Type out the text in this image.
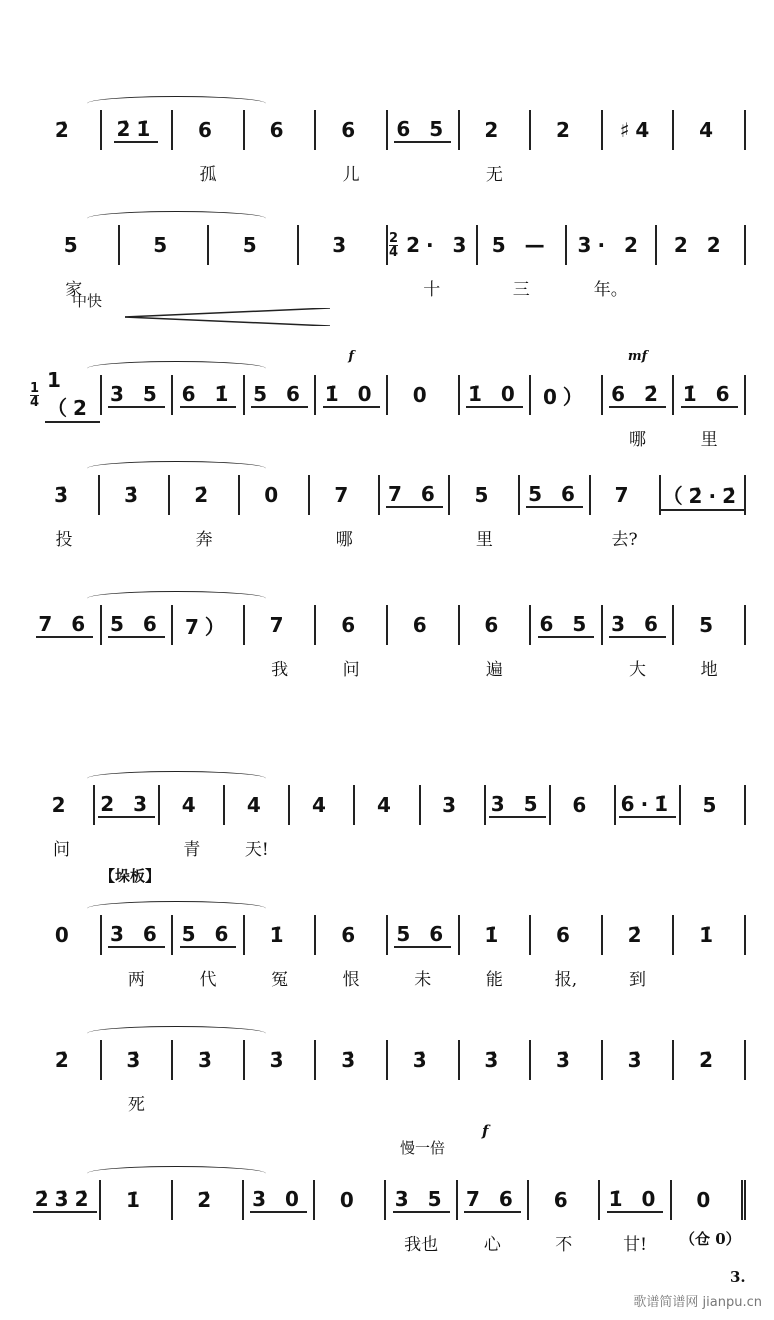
中快
【垛板】
慢一倍
f
（仓 0）
3.
歌谱简谱网 jianpu.cn
2̇ 2̇1̇ 6
孤
6	6
儿
6 5 2
无
2 ♯4 4
5
家
5	5	3	2
4 2· 3
十
5 —
三
3· 2
年。
2 2
1
4
1（2
3 5 6 1̇ 5 6 1̇ 0
f
0 1̇ 0 0） 6 2̇
哪
mf
1̇ 6
里
3̇
投
3̇	2̇
奔
0	7
哪
7 6 5
里
5 6 7
去?
（2̇·2̇
7 6 5 6 7） 7
我
6
问
6	6
遍
6 5 3 6
大
5
地
2
问
2 3 4
青
4
天!
4 4 3 3 5 6 6·1̇ 5
0 3 6
两
5 6
代
1̇
冤
6
恨
5 6
未
1̇
能
6
报,
2̇
到
1̇
2̇	3̇
死
3̇	3̇	3̇	3̇	3̇	3̇	3̇	2̇
2̇3̇2̇ 1̇	2̇ 3 0 0 3 5
我也
7 6
心
6
不
1̇ 0
甘!
0
